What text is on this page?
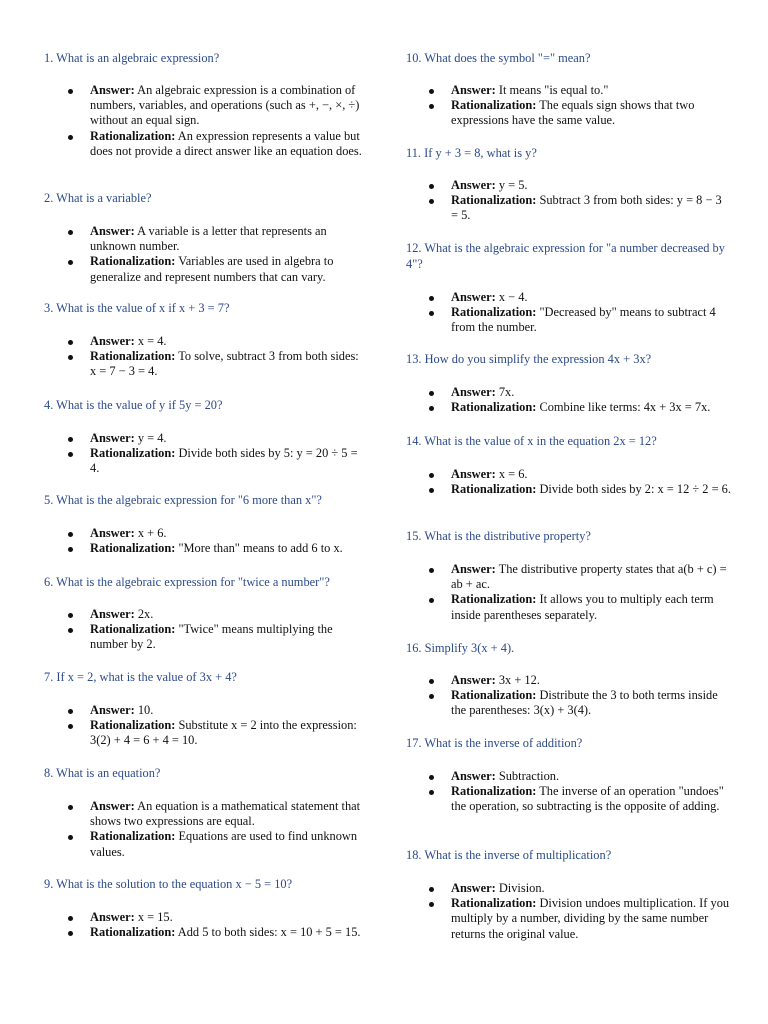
1. What is an algebraic expression?

Answer: An algebraic expression is a combination of numbers, variables, and operations (such as +, −, ×, ÷) without an equal sign.
Rationalization: An expression represents a value but does not provide a direct answer like an equation does.

2. What is a variable?

Answer: A variable is a letter that represents an unknown number.
Rationalization: Variables are used in algebra to generalize and represent numbers that can vary.

3. What is the value of x if x + 3 = 7?

Answer: x = 4.
Rationalization: To solve, subtract 3 from both sides: x = 7 − 3 = 4.

4. What is the value of y if 5y = 20?

Answer: y = 4.
Rationalization: Divide both sides by 5: y = 20 ÷ 5 = 4.

5. What is the algebraic expression for "6 more than x"?

Answer: x + 6.
Rationalization: "More than" means to add 6 to x.

6. What is the algebraic expression for "twice a number"?

Answer: 2x.
Rationalization: "Twice" means multiplying the number by 2.

7. If x = 2, what is the value of 3x + 4?

Answer: 10.
Rationalization: Substitute x = 2 into the expression: 3(2) + 4 = 6 + 4 = 10.

8. What is an equation?

Answer: An equation is a mathematical statement that shows two expressions are equal.
Rationalization: Equations are used to find unknown values.

9. What is the solution to the equation x − 5 = 10?

Answer: x = 15.
Rationalization: Add 5 to both sides: x = 10 + 5 = 15.

10. What does the symbol "=" mean?

Answer: It means "is equal to."
Rationalization: The equals sign shows that two expressions have the same value.

11. If y + 3 = 8, what is y?

Answer: y = 5.
Rationalization: Subtract 3 from both sides: y = 8 − 3 = 5.

12. What is the algebraic expression for "a number decreased by 4"?

Answer: x − 4.
Rationalization: "Decreased by" means to subtract 4 from the number.

13. How do you simplify the expression 4x + 3x?

Answer: 7x.
Rationalization: Combine like terms: 4x + 3x = 7x.

14. What is the value of x in the equation 2x = 12?

Answer: x = 6.
Rationalization: Divide both sides by 2: x = 12 ÷ 2 = 6.

15. What is the distributive property?

Answer: The distributive property states that a(b + c) = ab + ac.
Rationalization: It allows you to multiply each term inside parentheses separately.

16. Simplify 3(x + 4).

Answer: 3x + 12.
Rationalization: Distribute the 3 to both terms inside the parentheses: 3(x) + 3(4).

17. What is the inverse of addition?

Answer: Subtraction.
Rationalization: The inverse of an operation "undoes" the operation, so subtracting is the opposite of adding.

18. What is the inverse of multiplication?

Answer: Division.
Rationalization: Division undoes multiplication. If you multiply by a number, dividing by the same number returns the original value.
